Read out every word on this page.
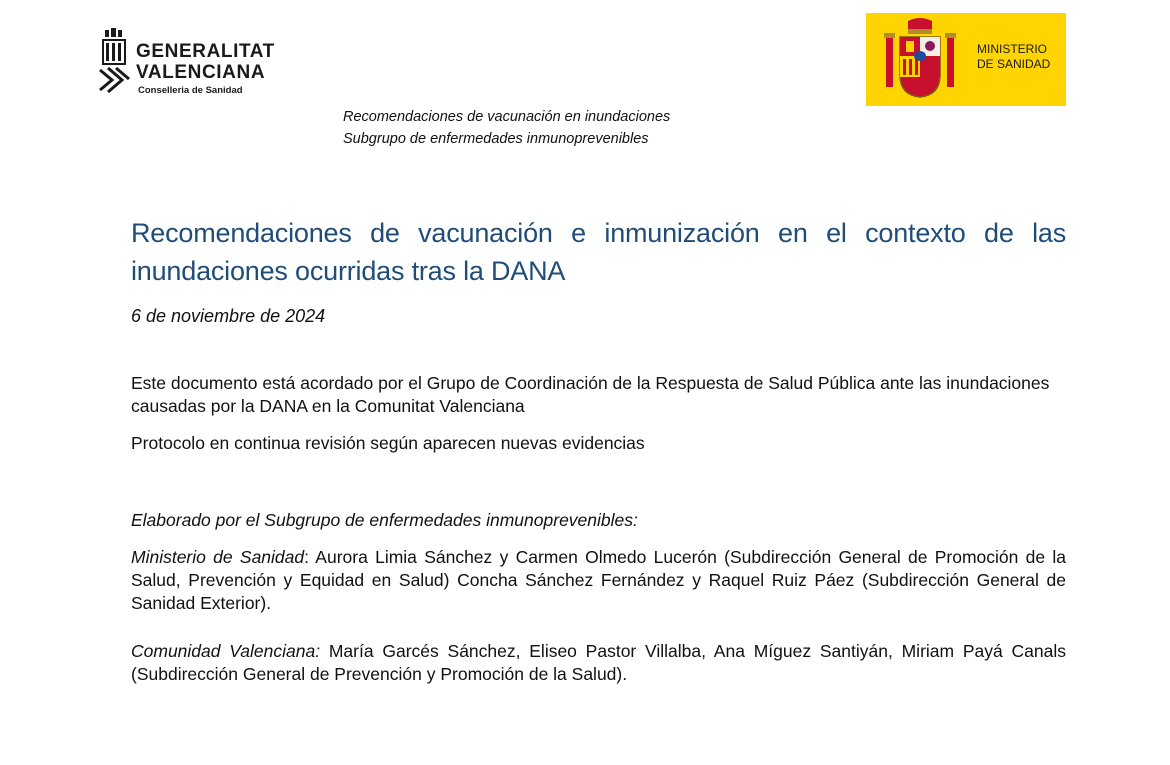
GENERALITAT
VALENCIANA
Conselleria de Sanidad
MINISTERIO
DE SANIDAD
Recomendaciones de vacunación en inundaciones
Subgrupo de enfermedades inmunoprevenibles
Recomendaciones de vacunación e inmunización en el contexto de las inundaciones ocurridas tras la DANA
6 de noviembre de 2024
Este documento está acordado por el Grupo de Coordinación de la Respuesta de Salud Pública ante las inundaciones causadas por la DANA en la Comunitat Valenciana
Protocolo en continua revisión según aparecen nuevas evidencias
Elaborado por el Subgrupo de enfermedades inmunoprevenibles:
Ministerio de Sanidad: Aurora Limia Sánchez y Carmen Olmedo Lucerón (Subdirección General de Promoción de la Salud, Prevención y Equidad en Salud) Concha Sánchez Fernández y Raquel Ruiz Páez (Subdirección General de Sanidad Exterior).
Comunidad Valenciana: María Garcés Sánchez, Eliseo Pastor Villalba, Ana Míguez Santiyán, Miriam Payá Canals (Subdirección General de Prevención y Promoción de la Salud).
